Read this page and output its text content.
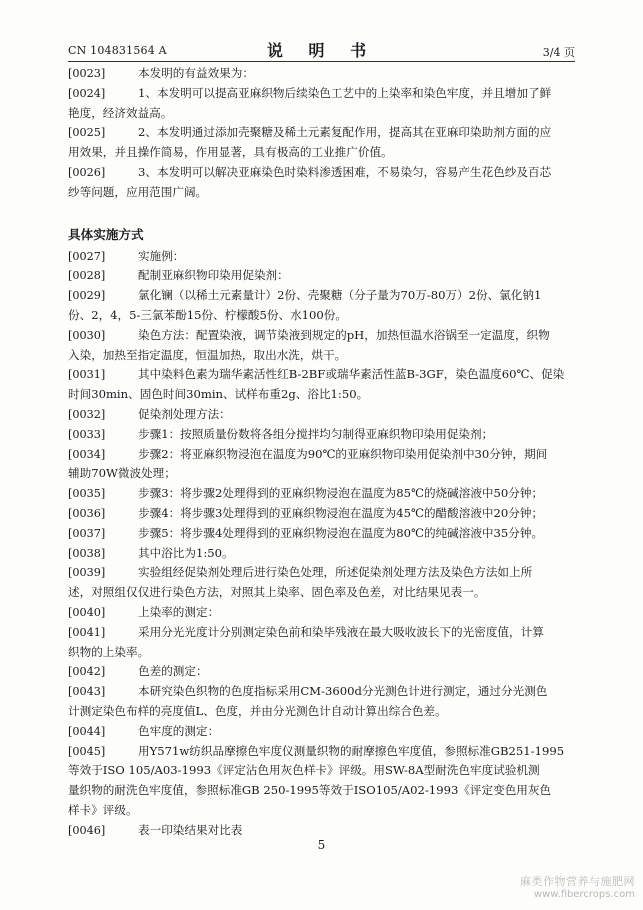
CN 104831564 A	说 明 书	3/4 页
[0023]	本发明的有益效果为：
[0024]	1、本发明可以提高亚麻织物后续染色工艺中的上染率和染色牢度，并且增加了鲜
艳度，经济效益高。
[0025]	2、本发明通过添加壳聚糖及稀土元素复配作用，提高其在亚麻印染助剂方面的应
用效果，并且操作简易，作用显著，具有极高的工业推广价值。
[0026]	3、本发明可以解决亚麻染色时染料渗透困难，不易染匀，容易产生花色纱及百芯
纱等问题，应用范围广阔。
具体实施方式
[0027]	实施例：
[0028]	配制亚麻织物印染用促染剂：
[0029]	氯化镧（以稀土元素量计）2份、壳聚糖（分子量为70万-80万）2份、氯化钠1
份、2，4，5-三氯苯酚15份、柠檬酸5份、水100份。
[0030]	染色方法：配置染液，调节染液到规定的pH，加热恒温水浴锅至一定温度，织物
入染，加热至指定温度，恒温加热，取出水洗，烘干。
[0031]	其中染料色素为瑞华素活性红B-2BF或瑞华素活性蓝B-3GF，染色温度60℃、促染
时间30min、固色时间30min、试样布重2g、浴比1:50。
[0032]	促染剂处理方法：
[0033]	步骤1：按照质量份数将各组分搅拌均匀制得亚麻织物印染用促染剂；
[0034]	步骤2：将亚麻织物浸泡在温度为90℃的亚麻织物印染用促染剂中30分钟，期间
辅助70W微波处理；
[0035]	步骤3：将步骤2处理得到的亚麻织物浸泡在温度为85℃的烧碱溶液中50分钟；
[0036]	步骤4：将步骤3处理得到的亚麻织物浸泡在温度为45℃的醋酸溶液中20分钟；
[0037]	步骤5：将步骤4处理得到的亚麻织物浸泡在温度为80℃的纯碱溶液中35分钟。
[0038]	其中浴比为1:50。
[0039]	实验组经促染剂处理后进行染色处理，所述促染剂处理方法及染色方法如上所
述，对照组仅仅进行染色方法，对照其上染率、固色率及色差，对比结果见表一。
[0040]	上染率的测定：
[0041]	采用分光光度计分别测定染色前和染毕残液在最大吸收波长下的光密度值，计算
织物的上染率。
[0042]	色差的测定：
[0043]	本研究染色织物的色度指标采用CM-3600d分光测色计进行测定，通过分光测色
计测定染色布样的亮度值L、色度，并由分光测色计自动计算出综合色差。
[0044]	色牢度的测定：
[0045]	用Y571w纺织品摩擦色牢度仪测量织物的耐摩擦色牢度值，参照标准GB251-1995
等效于ISO 105/A03-1993《评定沾色用灰色样卡》评级。用SW-8A型耐洗色牢度试验机测
量织物的耐洗色牢度值，参照标准GB 250-1995等效于ISO105/A02-1993《评定变色用灰色
样卡》评级。
[0046]	表一印染结果对比表
5
麻类作物营养与施肥网
www.fibercrops.com
